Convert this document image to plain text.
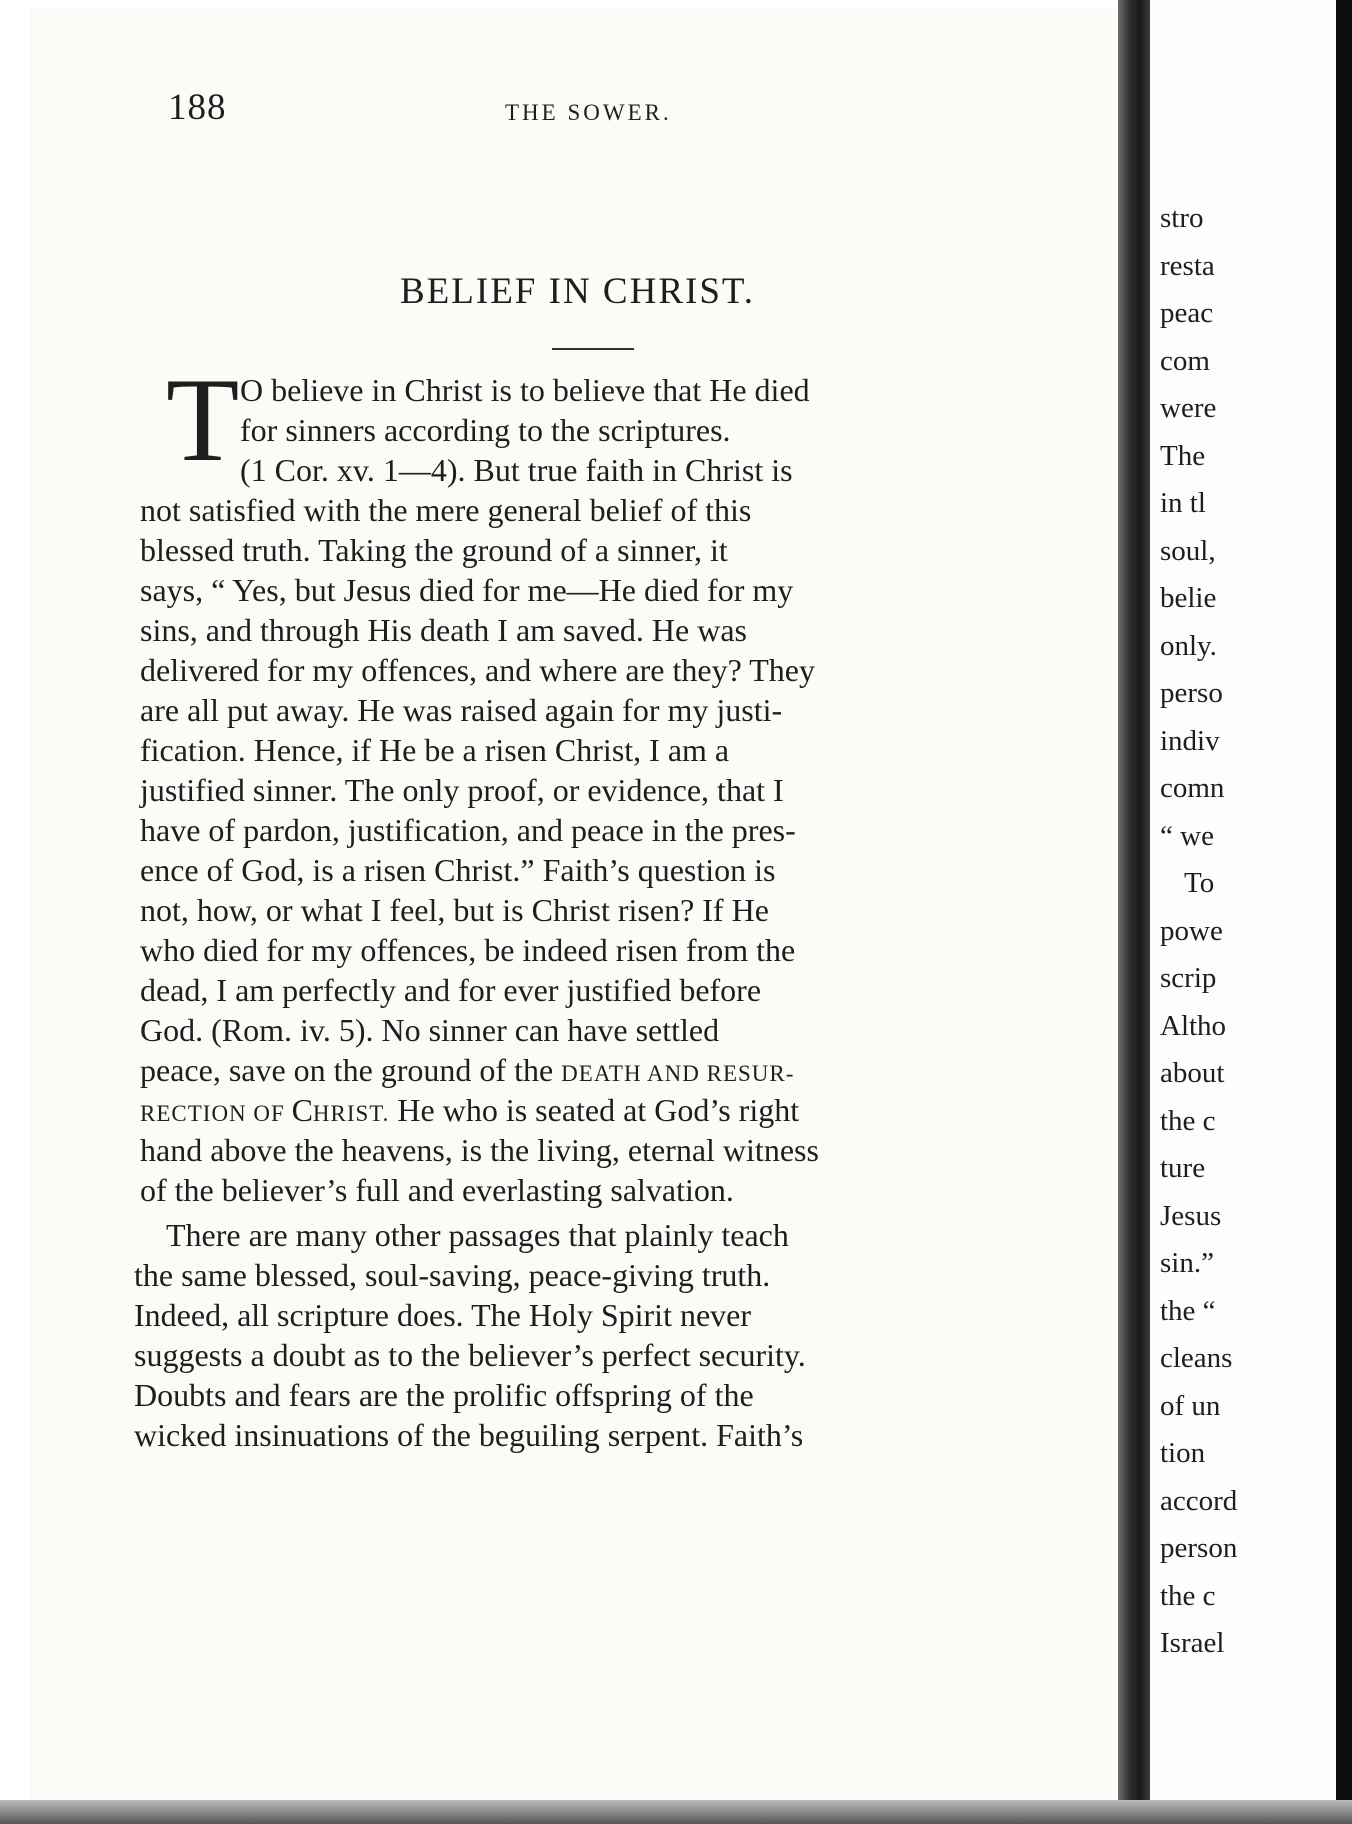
stro
resta
peac
com
were
The
in tl
soul,
belie
only.
perso
indiv
comn
“ we
To
powe
scrip
Altho
about
the c
ture
Jesus
sin.”
the “
cleans
of un
tion
accord
person
the c
Israel
188	THE SOWER.
BELIEF IN CHRIST.
T O believe in Christ is to believe that He died
for sinners according to the scriptures.
(1 Cor. xv. 1—4). But true faith in Christ is
not satisfied with the mere general belief of this
blessed truth. Taking the ground of a sinner, it
says, “ Yes, but Jesus died for me—He died for my
sins, and through His death I am saved. He was
delivered for my offences, and where are they? They
are all put away. He was raised again for my justi-
fication. Hence, if He be a risen Christ, I am a
justified sinner. The only proof, or evidence, that I
have of pardon, justification, and peace in the pres-
ence of God, is a risen Christ.” Faith’s question is
not, how, or what I feel, but is Christ risen? If He
who died for my offences, be indeed risen from the
dead, I am perfectly and for ever justified before
God. (Rom. iv. 5). No sinner can have settled
peace, save on the ground of the DEATH AND RESUR-
RECTION OF CHRIST. He who is seated at God’s right
hand above the heavens, is the living, eternal witness
of the believer’s full and everlasting salvation.
There are many other passages that plainly teach
the same blessed, soul-saving, peace-giving truth.
Indeed, all scripture does. The Holy Spirit never
suggests a doubt as to the believer’s perfect security.
Doubts and fears are the prolific offspring of the
wicked insinuations of the beguiling serpent. Faith’s
